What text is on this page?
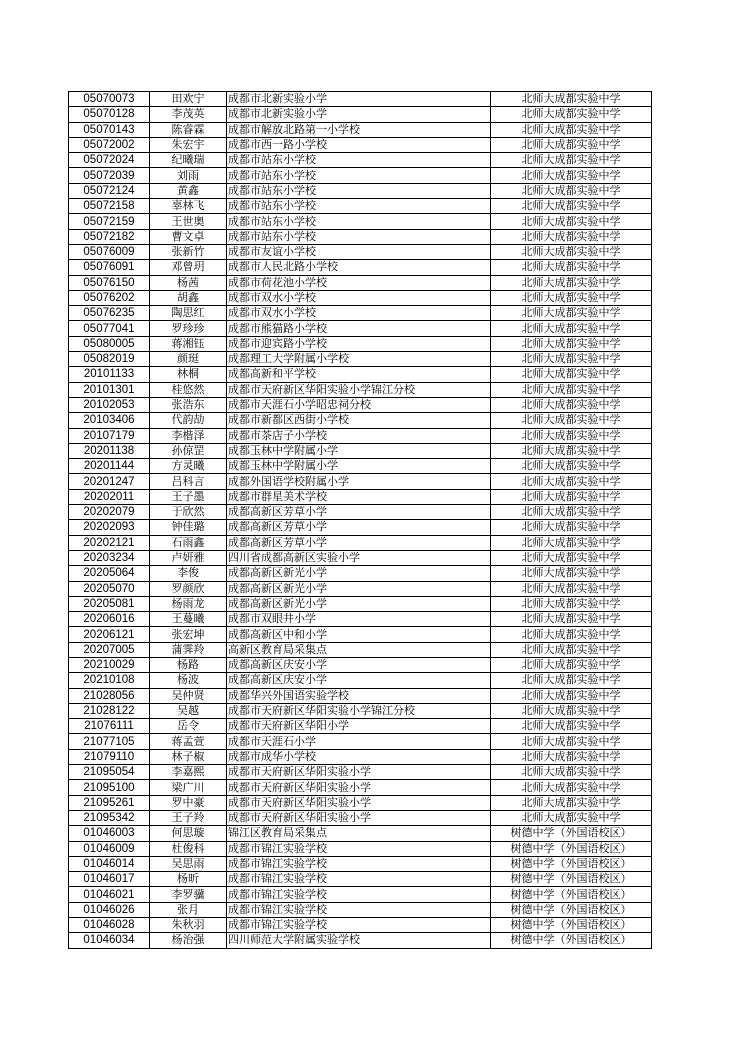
05070073	田欢宁	成都市北新实验小学	北师大成都实验中学
05070128	李茂英	成都市北新实验小学	北师大成都实验中学
05070143	陈睿霖	成都市解放北路第一小学校	北师大成都实验中学
05072002	朱宏宇	成都市西一路小学校	北师大成都实验中学
05072024	纪曦瑞	成都市站东小学校	北师大成都实验中学
05072039	刘雨	成都市站东小学校	北师大成都实验中学
05072124	黄鑫	成都市站东小学校	北师大成都实验中学
05072158	辜林飞	成都市站东小学校	北师大成都实验中学
05072159	王世奥	成都市站东小学校	北师大成都实验中学
05072182	曹文卓	成都市站东小学校	北师大成都实验中学
05076009	张新竹	成都市友谊小学校	北师大成都实验中学
05076091	邓曾玥	成都市人民北路小学校	北师大成都实验中学
05076150	杨茜	成都市荷花池小学校	北师大成都实验中学
05076202	胡鑫	成都市双水小学校	北师大成都实验中学
05076235	陶思红	成都市双水小学校	北师大成都实验中学
05077041	罗珍珍	成都市熊猫路小学校	北师大成都实验中学
05080005	蒋湘钰	成都市迎宾路小学校	北师大成都实验中学
05082019	颜珽	成都理工大学附属小学校	北师大成都实验中学
20101133	林桐	成都高新和平学校	北师大成都实验中学
20101301	桂悠然	成都市天府新区华阳实验小学锦江分校	北师大成都实验中学
20102053	张浩东	成都市天涯石小学昭忠祠分校	北师大成都实验中学
20103406	代韵劼	成都市新都区西街小学校	北师大成都实验中学
20107179	李楷泽	成都市茶店子小学校	北师大成都实验中学
20201138	孙倞罡	成都玉林中学附属小学	北师大成都实验中学
20201144	方灵曦	成都玉林中学附属小学	北师大成都实验中学
20201247	吕科言	成都外国语学校附属小学	北师大成都实验中学
20202011	王子墨	成都市群星美术学校	北师大成都实验中学
20202079	于欣然	成都高新区芳草小学	北师大成都实验中学
20202093	钟佳璐	成都高新区芳草小学	北师大成都实验中学
20202121	石雨鑫	成都高新区芳草小学	北师大成都实验中学
20203234	卢妍雅	四川省成都高新区实验小学	北师大成都实验中学
20205064	李俊	成都高新区新光小学	北师大成都实验中学
20205070	罗颜欣	成都高新区新光小学	北师大成都实验中学
20205081	杨雨龙	成都高新区新光小学	北师大成都实验中学
20206016	王蔓曦	成都市双眼井小学	北师大成都实验中学
20206121	张宏坤	成都高新区中和小学	北师大成都实验中学
20207005	蒲霁羚	高新区教育局采集点	北师大成都实验中学
20210029	杨路	成都高新区庆安小学	北师大成都实验中学
20210108	杨波	成都高新区庆安小学	北师大成都实验中学
21028056	吴仲贤	成都华兴外国语实验学校	北师大成都实验中学
21028122	吴越	成都市天府新区华阳实验小学锦江分校	北师大成都实验中学
21076111	岳令	成都市天府新区华阳小学	北师大成都实验中学
21077105	蒋孟萱	成都市天涯石小学	北师大成都实验中学
21079110	林子椒	成都市成华小学校	北师大成都实验中学
21095054	李嘉熙	成都市天府新区华阳实验小学	北师大成都实验中学
21095100	梁广川	成都市天府新区华阳实验小学	北师大成都实验中学
21095261	罗中豪	成都市天府新区华阳实验小学	北师大成都实验中学
21095342	王子羚	成都市天府新区华阳实验小学	北师大成都实验中学
01046003	何思璇	锦江区教育局采集点	树德中学（外国语校区）
01046009	杜俊科	成都市锦江实验学校	树德中学（外国语校区）
01046014	吴思雨	成都市锦江实验学校	树德中学（外国语校区）
01046017	杨昕	成都市锦江实验学校	树德中学（外国语校区）
01046021	李罗骥	成都市锦江实验学校	树德中学（外国语校区）
01046026	张月	成都市锦江实验学校	树德中学（外国语校区）
01046028	朱秋羽	成都市锦江实验学校	树德中学（外国语校区）
01046034	杨治强	四川师范大学附属实验学校	树德中学（外国语校区）
